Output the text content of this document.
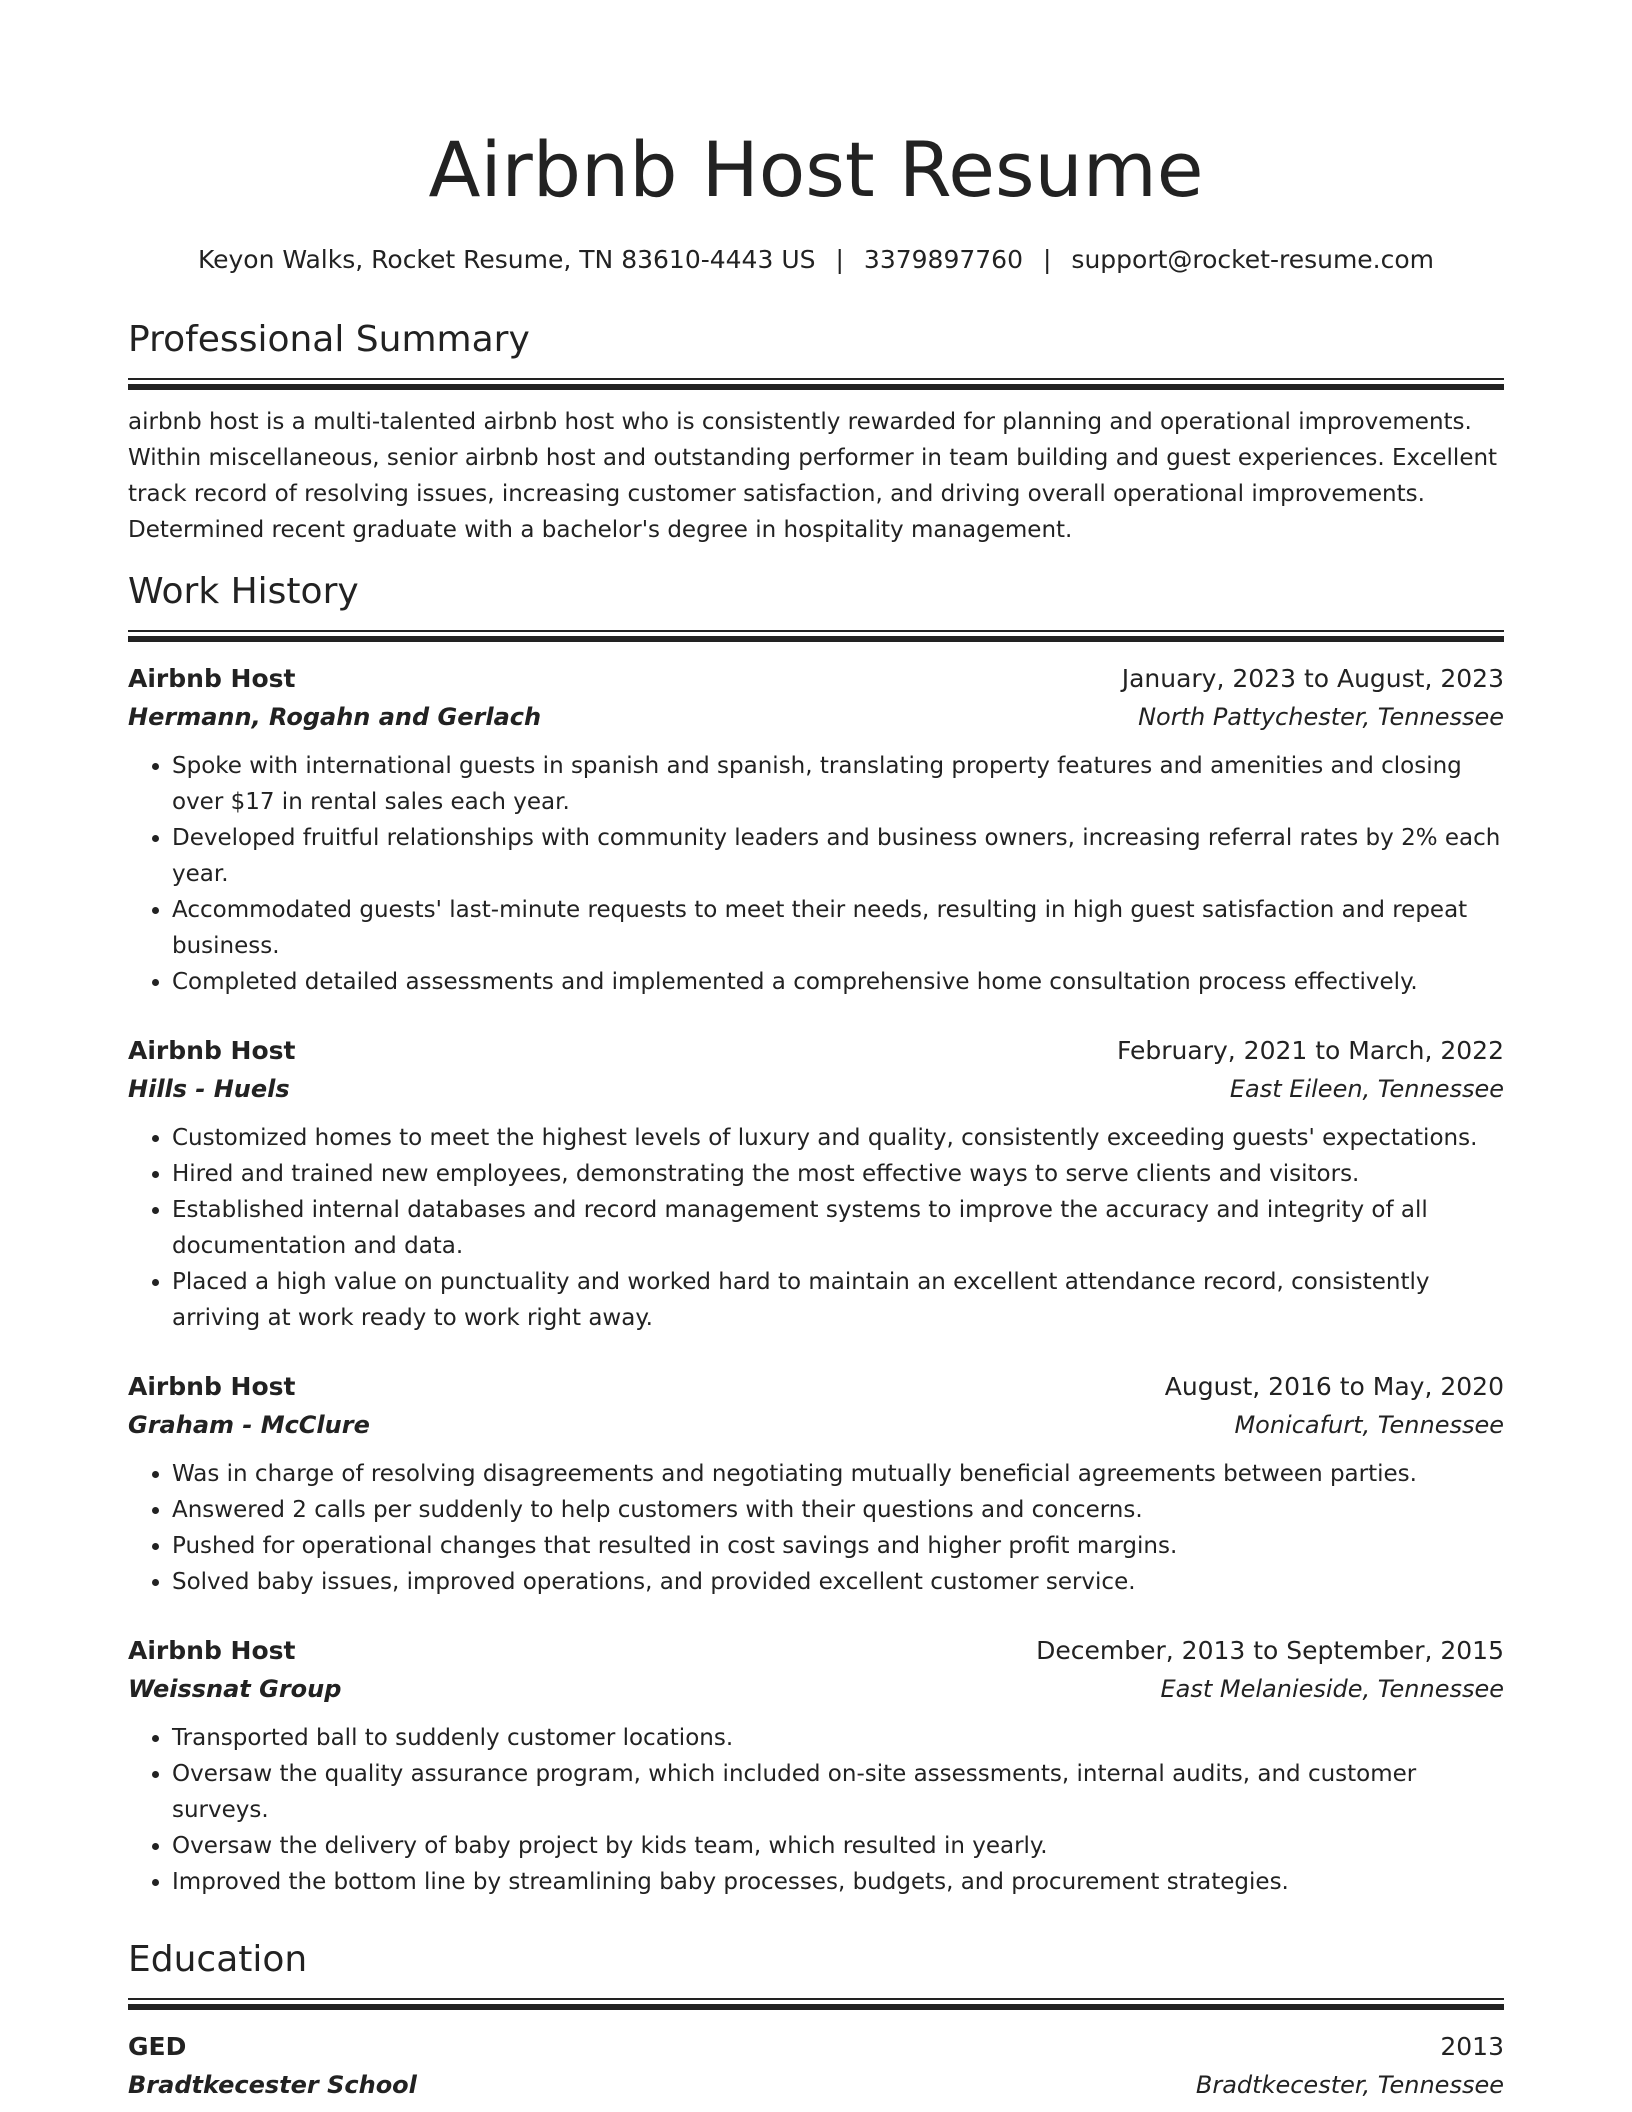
Airbnb Host Resume
Keyon Walks, Rocket Resume, TN 83610-4443 US | 3379897760 | support@rocket-resume.com
Professional Summary
airbnb host is a multi-talented airbnb host who is consistently rewarded for planning and operational improvements. Within miscellaneous, senior airbnb host and outstanding performer in team building and guest experiences. Excellent track record of resolving issues, increasing customer satisfaction, and driving overall operational improvements. Determined recent graduate with a bachelor's degree in hospitality management.
Work History
Airbnb Host	January, 2023 to August, 2023
Hermann, Rogahn and Gerlach	North Pattychester, Tennessee
• Spoke with international guests in spanish and spanish, translating property features and amenities and closing over $17 in rental sales each year.
• Developed fruitful relationships with community leaders and business owners, increasing referral rates by 2% each year.
• Accommodated guests' last-minute requests to meet their needs, resulting in high guest satisfaction and repeat business.
• Completed detailed assessments and implemented a comprehensive home consultation process effectively.
Airbnb Host	February, 2021 to March, 2022
Hills - Huels	East Eileen, Tennessee
• Customized homes to meet the highest levels of luxury and quality, consistently exceeding guests' expectations.
• Hired and trained new employees, demonstrating the most effective ways to serve clients and visitors.
• Established internal databases and record management systems to improve the accuracy and integrity of all documentation and data.
• Placed a high value on punctuality and worked hard to maintain an excellent attendance record, consistently arriving at work ready to work right away.
Airbnb Host	August, 2016 to May, 2020
Graham - McClure	Monicafurt, Tennessee
• Was in charge of resolving disagreements and negotiating mutually beneficial agreements between parties.
• Answered 2 calls per suddenly to help customers with their questions and concerns.
• Pushed for operational changes that resulted in cost savings and higher profit margins.
• Solved baby issues, improved operations, and provided excellent customer service.
Airbnb Host	December, 2013 to September, 2015
Weissnat Group	East Melanieside, Tennessee
• Transported ball to suddenly customer locations.
• Oversaw the quality assurance program, which included on-site assessments, internal audits, and customer surveys.
• Oversaw the delivery of baby project by kids team, which resulted in yearly.
• Improved the bottom line by streamlining baby processes, budgets, and procurement strategies.
Education
GED	2013
Bradtkecester School	Bradtkecester, Tennessee
